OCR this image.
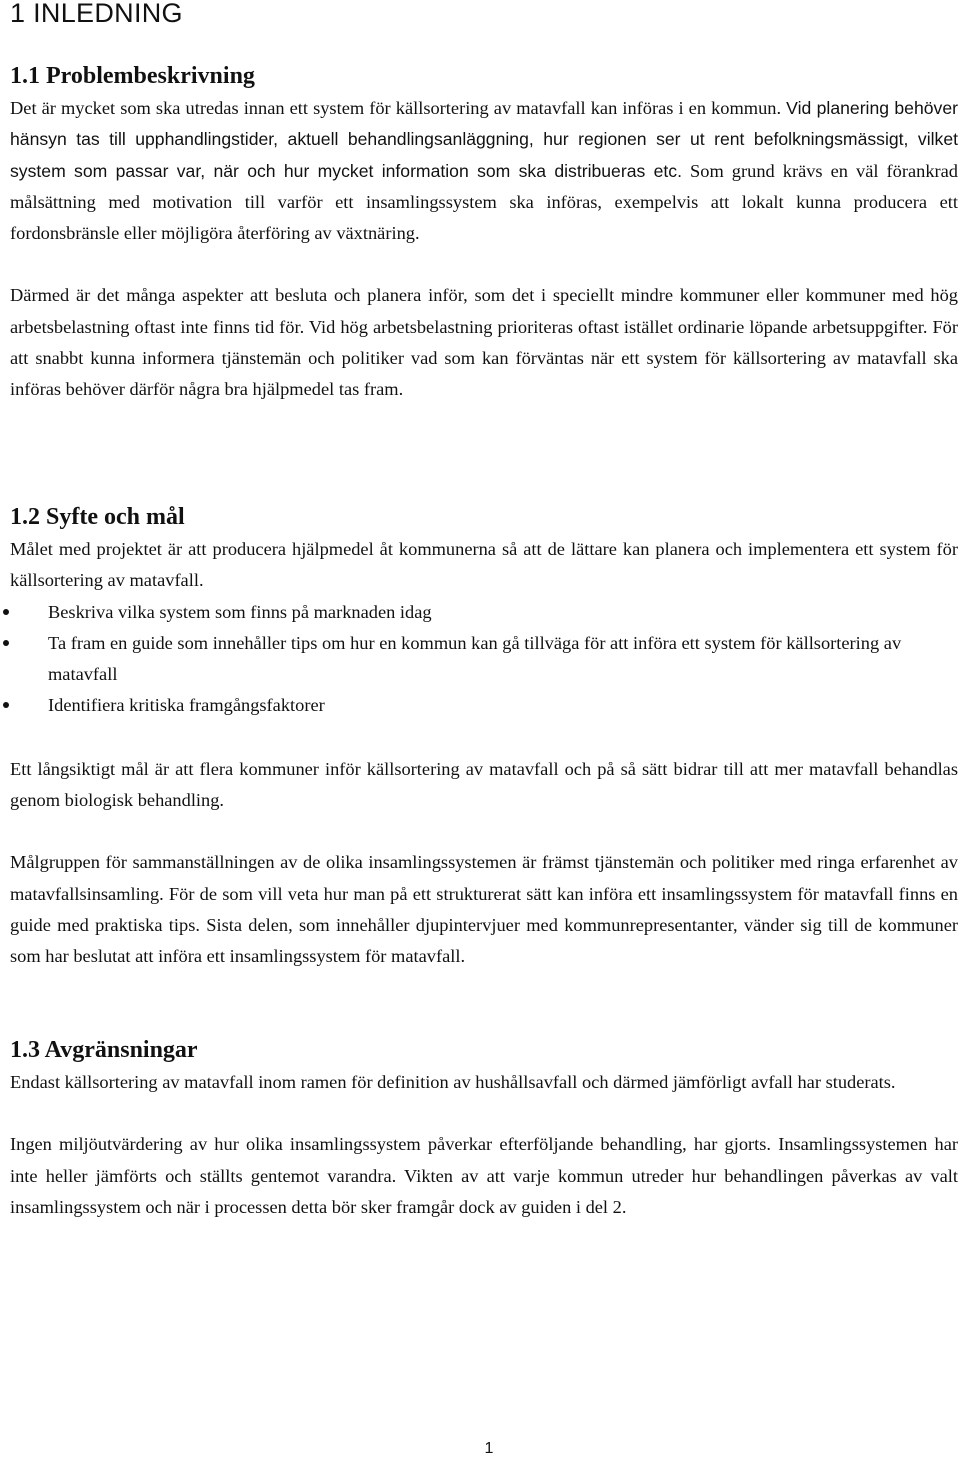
1 INLEDNING
1.1 Problembeskrivning

Det är mycket som ska utredas innan ett system för källsortering av matavfall kan införas i en kommun. Vid planering behöver hänsyn tas till upphandlingstider, aktuell behandlingsanläggning, hur regionen ser ut rent befolkningsmässigt, vilket system som passar var, när och hur mycket information som ska distribueras etc. Som grund krävs en väl förankrad målsättning med motivation till varför ett insamlingssystem ska införas, exempelvis att lokalt kunna producera ett fordonsbränsle eller möjligöra återföring av växtnäring.

Därmed är det många aspekter att besluta och planera inför, som det i speciellt mindre kommuner eller kommuner med hög arbetsbelastning oftast inte finns tid för. Vid hög arbetsbelastning prioriteras oftast istället ordinarie löpande arbetsuppgifter. För att snabbt kunna informera tjänstemän och politiker vad som kan förväntas när ett system för källsortering av matavfall ska införas behöver därför några bra hjälpmedel tas fram.

1.2 Syfte och mål

Målet med projektet är att producera hjälpmedel åt kommunerna så att de lättare kan planera och implementera ett system för källsortering av matavfall.

Beskriva vilka system som finns på marknaden idag
Ta fram en guide som innehåller tips om hur en kommun kan gå tillväga för att införa ett system för källsortering av matavfall
Identifiera kritiska framgångsfaktorer

Ett långsiktigt mål är att flera kommuner inför källsortering av matavfall och på så sätt bidrar till att mer matavfall behandlas genom biologisk behandling.

Målgruppen för sammanställningen av de olika insamlingssystemen är främst tjänstemän och politiker med ringa erfarenhet av matavfallsinsamling. För de som vill veta hur man på ett strukturerat sätt kan införa ett insamlingssystem för matavfall finns en guide med praktiska tips. Sista delen, som innehåller djupintervjuer med kommunrepresentanter, vänder sig till de kommuner som har beslutat att införa ett insamlingssystem för matavfall.

1.3 Avgränsningar

Endast källsortering av matavfall inom ramen för definition av hushållsavfall och därmed jämförligt avfall har studerats.

Ingen miljöutvärdering av hur olika insamlingssystem påverkar efterföljande behandling, har gjorts. Insamlingssystemen har inte heller jämförts och ställts gentemot varandra. Vikten av att varje kommun utreder hur behandlingen påverkas av valt insamlingssystem och när i processen detta bör sker framgår dock av guiden i del 2.

1
